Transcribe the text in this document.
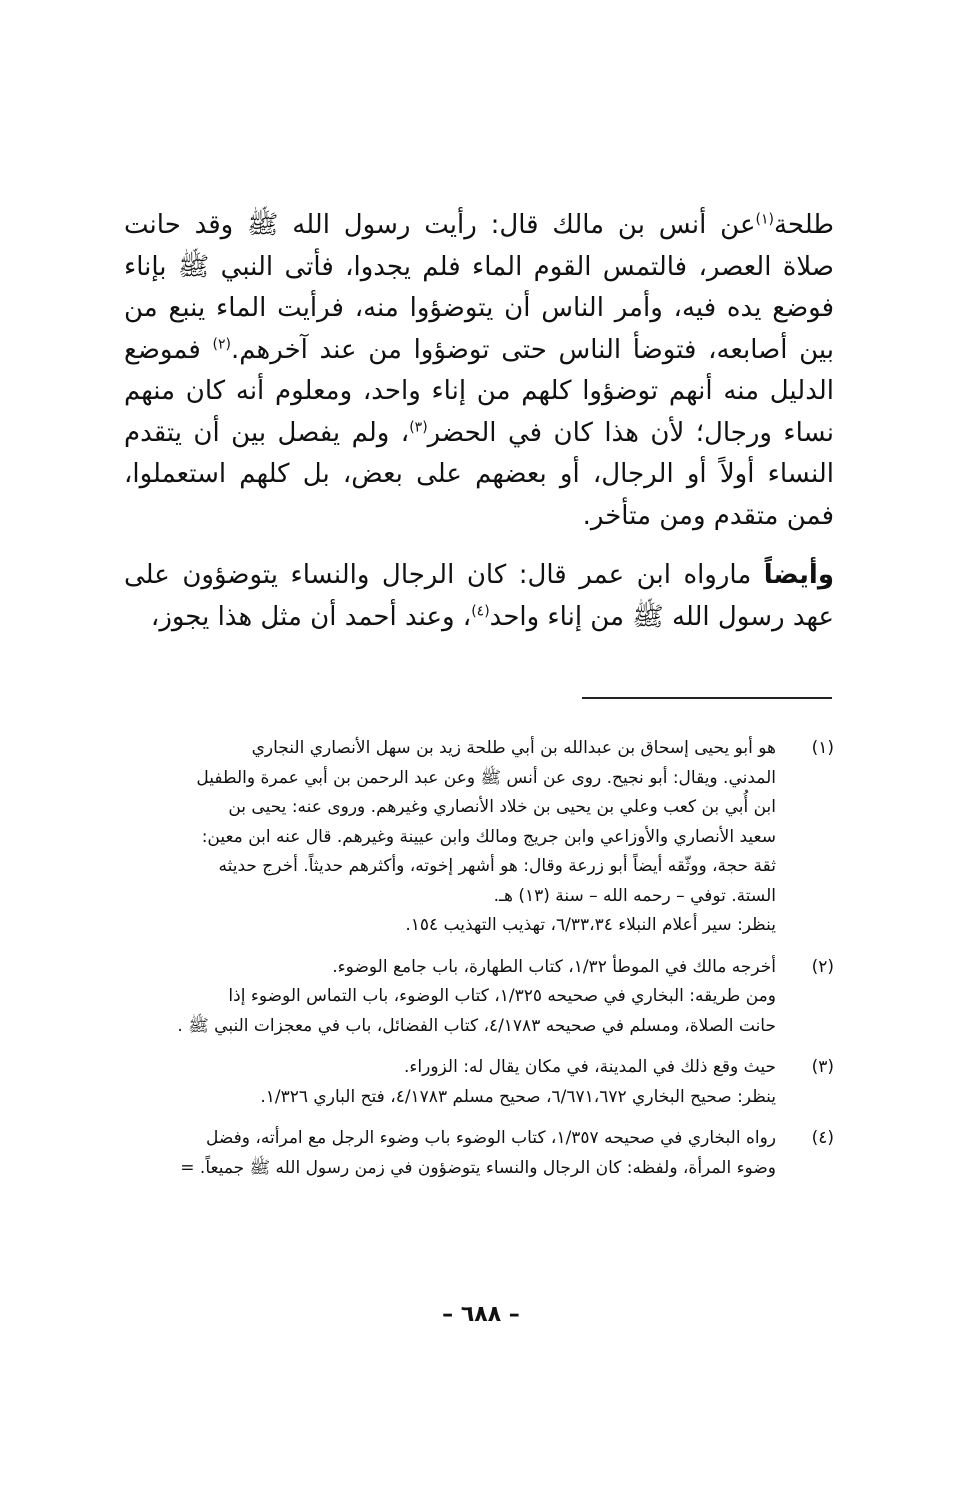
طلحة$^{(١)}$عن أنس بن مالك قال: رأيت رسول الله ﷺ وقد حانت صلاة العصر، فالتمس القوم الماء فلم يجدوا، فأتى النبي ﷺ بإناء فوضع يده فيه، وأمر الناس أن يتوضؤوا منه، فرأيت الماء ينبع من بين أصابعه، فتوضأ الناس حتى توضؤوا من عند آخرهم.$^{(٢)}$ فموضع الدليل منه أنهم توضؤوا كلهم من إناء واحد، ومعلوم أنه كان منهم نساء ورجال؛ لأن هذا كان في الحضر$^{(٣)}$، ولم يفصل بين أن يتقدم النساء أولاً أو الرجال، أو بعضهم على بعض، بل كلهم استعملوا، فمن متقدم ومن متأخر.

وأيضاً مارواه ابن عمر قال: كان الرجال والنساء يتوضؤون على عهد رسول الله ﷺ من إناء واحد$^{(٤)}$، وعند أحمد أن مثل هذا يجوز،

(١)
هو أبو يحيى إسحاق بن عبدالله بن أبي طلحة زيد بن سهل الأنصاري النجاري
المدني. ويقال: أبو نجيح. روى عن أنس ﷺ وعن عبد الرحمن بن أبي عمرة والطفيل
ابن أُبي بن كعب وعلي بن يحيى بن خلاد الأنصاري وغيرهم. وروى عنه: يحيى بن
سعيد الأنصاري والأوزاعي وابن جريج ومالك وابن عيينة وغيرهم. قال عنه ابن معين:
ثقة حجة، ووثّقه أيضاً أبو زرعة وقال: هو أشهر إخوته، وأكثرهم حديثاً. أخرج حديثه
الستة. توفي – رحمه الله – سنة (١٣) هـ.
ينظر: سير أعلام النبلاء ٦/٣٣،٣٤، تهذيب التهذيب ١٥٤.
(٢)
أخرجه مالك في الموطأ ١/٣٢، كتاب الطهارة، باب جامع الوضوء.
ومن طريقه: البخاري في صحيحه ١/٣٢٥، كتاب الوضوء، باب التماس الوضوء إذا
حانت الصلاة، ومسلم في صحيحه ٤/١٧٨٣، كتاب الفضائل، باب في معجزات النبي ﷺ .
(٣)
حيث وقع ذلك في المدينة، في مكان يقال له: الزوراء.
ينظر: صحيح البخاري ٦/٦٧١،٦٧٢، صحيح مسلم ٤/١٧٨٣، فتح الباري ١/٣٢٦.
(٤)
رواه البخاري في صحيحه ١/٣٥٧، كتاب الوضوء باب وضوء الرجل مع امرأته، وفضل
وضوء المرأة، ولفظه: كان الرجال والنساء يتوضؤون في زمن رسول الله ﷺ جميعاً. =
– ٦٨٨ –
